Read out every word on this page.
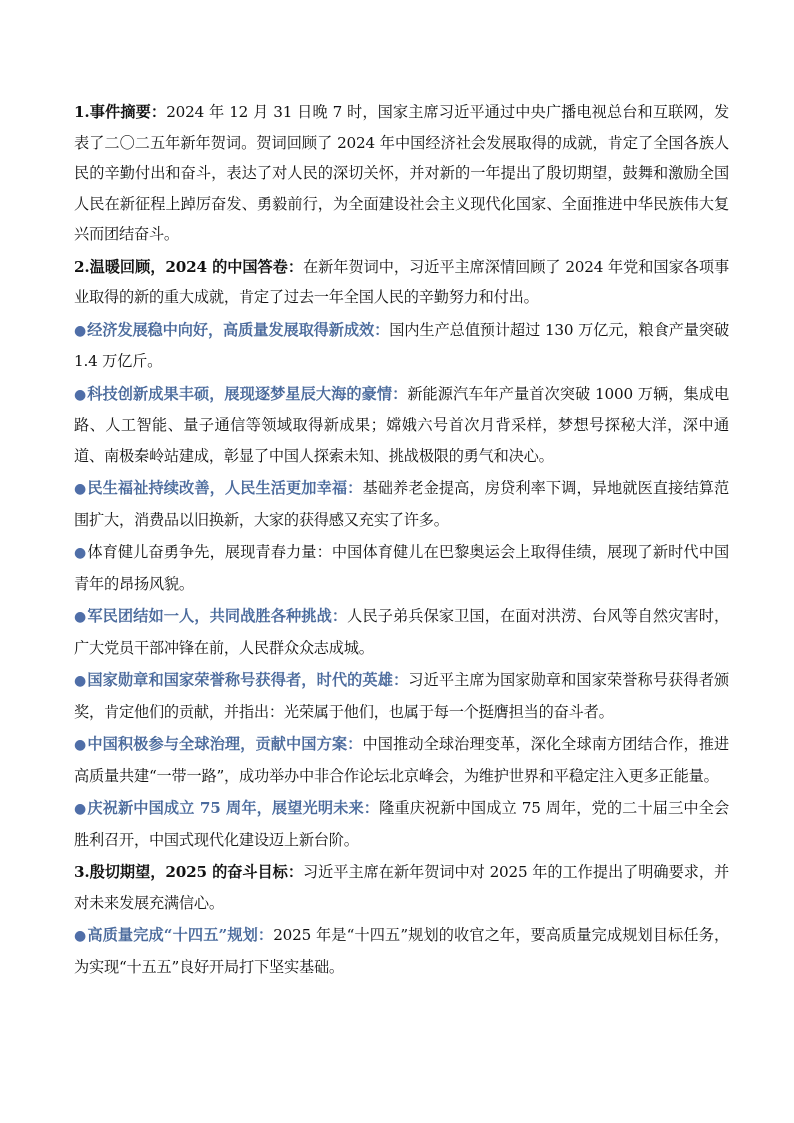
1.事件摘要：2024 年 12 月 31 日晚 7 时，国家主席习近平通过中央广播电视总台和互联网，发表了二〇二五年新年贺词。贺词回顾了 2024 年中国经济社会发展取得的成就，肯定了全国各族人民的辛勤付出和奋斗，表达了对人民的深切关怀，并对新的一年提出了殷切期望，鼓舞和激励全国人民在新征程上踔厉奋发、勇毅前行，为全面建设社会主义现代化国家、全面推进中华民族伟大复兴而团结奋斗。

2.温暖回顾，2024 的中国答卷：在新年贺词中，习近平主席深情回顾了 2024 年党和国家各项事业取得的新的重大成就，肯定了过去一年全国人民的辛勤努力和付出。

●经济发展稳中向好，高质量发展取得新成效：国内生产总值预计超过 130 万亿元，粮食产量突破 1.4 万亿斤。

●科技创新成果丰硕，展现逐梦星辰大海的豪情：新能源汽车年产量首次突破 1000 万辆，集成电路、人工智能、量子通信等领域取得新成果；嫦娥六号首次月背采样，梦想号探秘大洋，深中通道、南极秦岭站建成，彰显了中国人探索未知、挑战极限的勇气和决心。

●民生福祉持续改善，人民生活更加幸福：基础养老金提高，房贷利率下调，异地就医直接结算范围扩大，消费品以旧换新，大家的获得感又充实了许多。

●体育健儿奋勇争先，展现青春力量：中国体育健儿在巴黎奥运会上取得佳绩，展现了新时代中国青年的昂扬风貌。

●军民团结如一人，共同战胜各种挑战：人民子弟兵保家卫国，在面对洪涝、台风等自然灾害时，广大党员干部冲锋在前，人民群众众志成城。

●国家勋章和国家荣誉称号获得者，时代的英雄：习近平主席为国家勋章和国家荣誉称号获得者颁奖，肯定他们的贡献，并指出：光荣属于他们，也属于每一个挺膺担当的奋斗者。

●中国积极参与全球治理，贡献中国方案：中国推动全球治理变革，深化全球南方团结合作，推进高质量共建“一带一路”，成功举办中非合作论坛北京峰会，为维护世界和平稳定注入更多正能量。

●庆祝新中国成立 75 周年，展望光明未来：隆重庆祝新中国成立 75 周年，党的二十届三中全会胜利召开，中国式现代化建设迈上新台阶。

3.殷切期望，2025 的奋斗目标：习近平主席在新年贺词中对 2025 年的工作提出了明确要求，并对未来发展充满信心。

●高质量完成“十四五”规划：2025 年是“十四五”规划的收官之年，要高质量完成规划目标任务，为实现“十五五”良好开局打下坚实基础。
